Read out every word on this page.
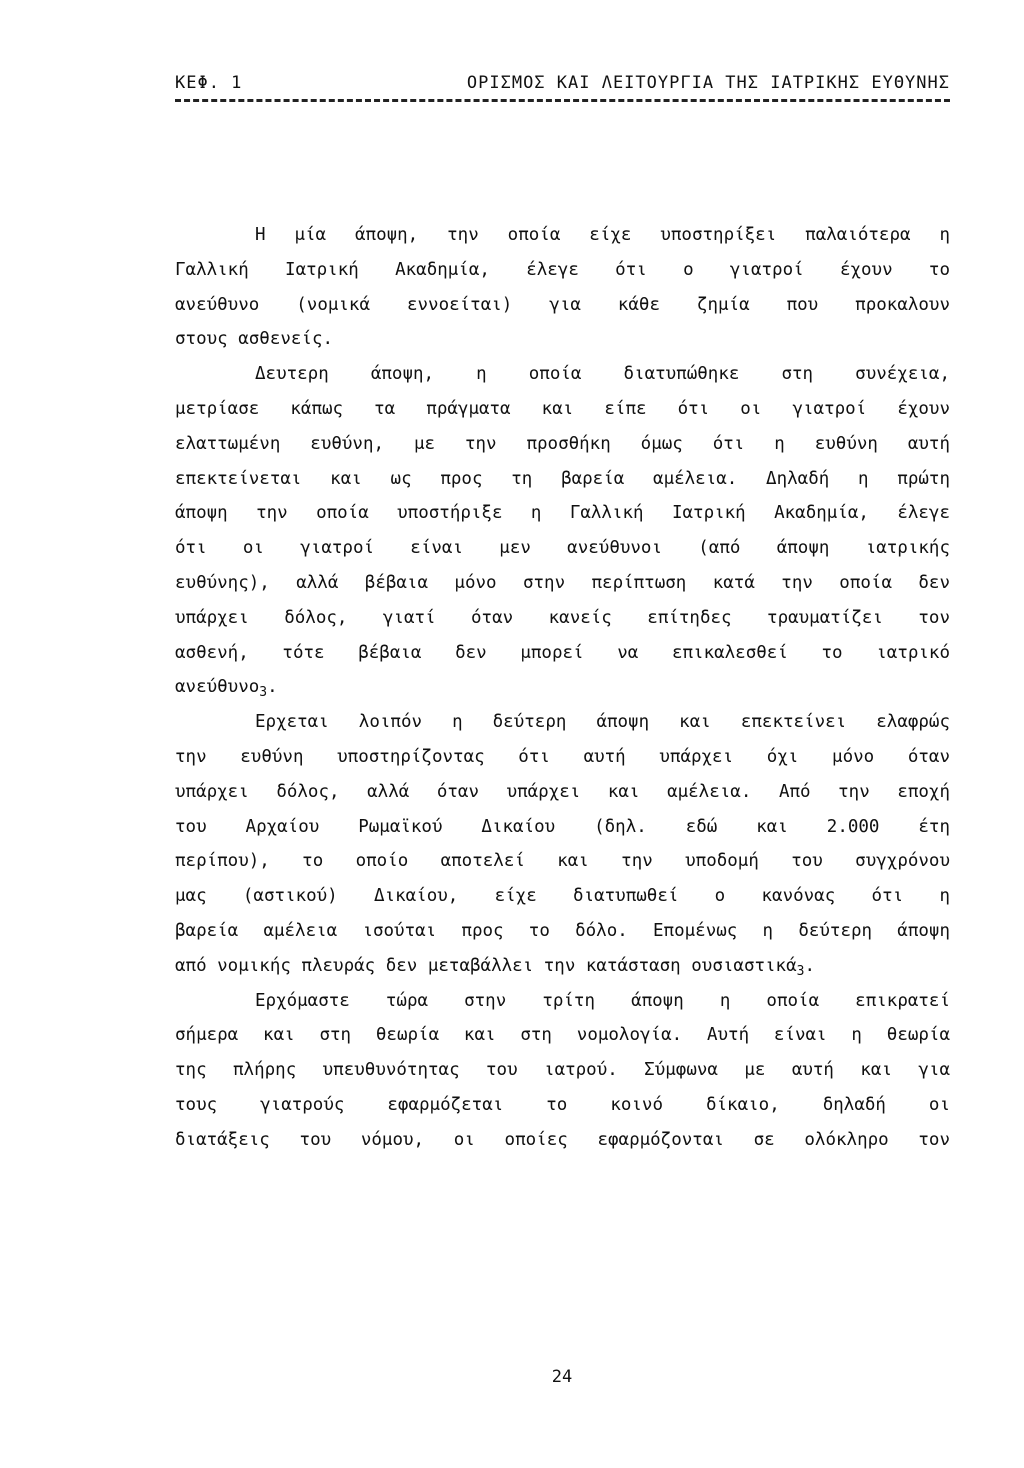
ΚΕΦ. 1	ΟΡΙΣΜΟΣ ΚΑΙ ΛΕΙΤΟΥΡΓΙΑ ΤΗΣ ΙΑΤΡΙΚΗΣ ΕΥΘΥΝΗΣ
Η μία άποψη, την οποία είχε υποστηρίξει παλαιότερα η
Γαλλική Ιατρική Ακαδημία, έλεγε ότι ο γιατροί έχουν το
ανεύθυνο (νομικά εννοείται) για κάθε ζημία που προκαλουν
στους ασθενείς.
Δευτερη άποψη, η οποία διατυπώθηκε στη συνέχεια,
μετρίασε κάπως τα πράγματα και είπε ότι οι γιατροί έχουν
ελαττωμένη ευθύνη, με την προσθήκη όμως ότι η ευθύνη αυτή
επεκτείνεται και ως προς τη βαρεία αμέλεια. Δηλαδή η πρώτη
άποψη την οποία υποστήριξε η Γαλλική Ιατρική Ακαδημία, έλεγε
ότι οι γιατροί είναι μεν ανεύθυνοι (από άποψη ιατρικής
ευθύνης), αλλά βέβαια μόνο στην περίπτωση κατά την οποία δεν
υπάρχει δόλος, γιατί όταν κανείς επίτηδες τραυματίζει τον
ασθενή, τότε βέβαια δεν μπορεί να επικαλεσθεί το ιατρικό
ανεύθυνο$_3$.
Ερχεται λοιπόν η δεύτερη άποψη και επεκτείνει ελαφρώς
την ευθύνη υποστηρίζοντας ότι αυτή υπάρχει όχι μόνο όταν
υπάρχει δόλος, αλλά όταν υπάρχει και αμέλεια. Από την εποχή
του Αρχαίου Ρωμαϊκού Δικαίου (δηλ. εδώ και 2.000 έτη
περίπου), το οποίο αποτελεί και την υποδομή του συγχρόνου
μας (αστικού) Δικαίου, είχε διατυπωθεί ο κανόνας ότι η
βαρεία αμέλεια ισούται προς το δόλο. Επομένως η δεύτερη άποψη
από νομικής πλευράς δεν μεταβάλλει την κατάσταση ουσιαστικά$_3$.
Ερχόμαστε τώρα στην τρίτη άποψη η οποία επικρατεί
σήμερα και στη θεωρία και στη νομολογία. Αυτή είναι η θεωρία
της πλήρης υπευθυνότητας του ιατρού. Σύμφωνα με αυτή και για
τους γιατρούς εφαρμόζεται το κοινό δίκαιο, δηλαδή οι
διατάξεις του νόμου, οι οποίες εφαρμόζονται σε ολόκληρο τον
24
